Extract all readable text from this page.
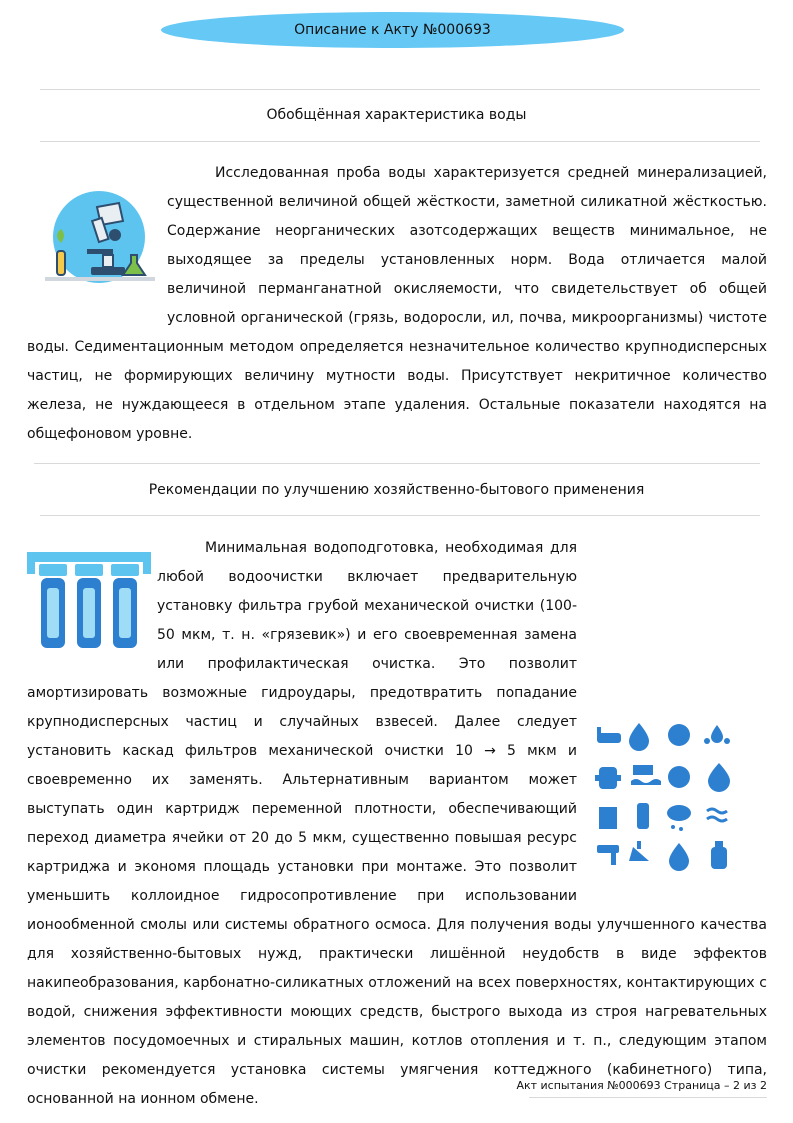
Описание к Акту №000693
Обобщённая характеристика воды
Исследованная проба воды характеризуется средней минерализацией, существенной величиной общей жёсткости, заметной силикатной жёсткостью. Содержание неорганических азотсодержащих веществ минимальное, не выходящее за пределы установленных норм. Вода отличается малой величиной перманганатной окисляемости, что свидетельствует об общей условной органической (грязь, водоросли, ил, почва, микроорганизмы) чистоте воды. Седиментационным методом определяется незначительное количество крупнодисперсных частиц, не формирующих величину мутности воды. Присутствует некритичное количество железа, не нуждающееся в отдельном этапе удаления. Остальные показатели находятся на общефоновом уровне.
Рекомендации по улучшению хозяйственно-бытового применения
Минимальная водоподготовка, необходимая для любой водоочистки включает предварительную установку фильтра грубой механической очистки (100-50 мкм, т. н. «грязевик») и его своевременная замена или профилактическая очистка. Это позволит амортизировать возможные гидроудары, предотвратить попадание крупнодисперсных частиц и случайных взвесей. Далее следует установить каскад фильтров механической очистки 10 → 5 мкм и своевременно их заменять. Альтернативным вариантом может выступать один картридж переменной плотности, обеспечивающий переход диаметра ячейки от 20 до 5 мкм, существенно повышая ресурс картриджа и экономя площадь установки при монтаже. Это позволит уменьшить коллоидное гидросопротивление при использовании ионообменной смолы или системы обратного осмоса. Для получения воды улучшенного качества для хозяйственно-бытовых нужд, практически лишённой неудобств в виде эффектов накипеобразования, карбонатно-силикатных отложений на всех поверхностях, контактирующих с водой, снижения эффективности моющих средств, быстрого выхода из строя нагревательных элементов посудомоечных и стиральных машин, котлов отопления и т. п., следующим этапом очистки рекомендуется установка системы умягчения коттеджного (кабинетного) типа, основанной на ионном обмене.
Акт испытания №000693 Страница – 2 из 2
